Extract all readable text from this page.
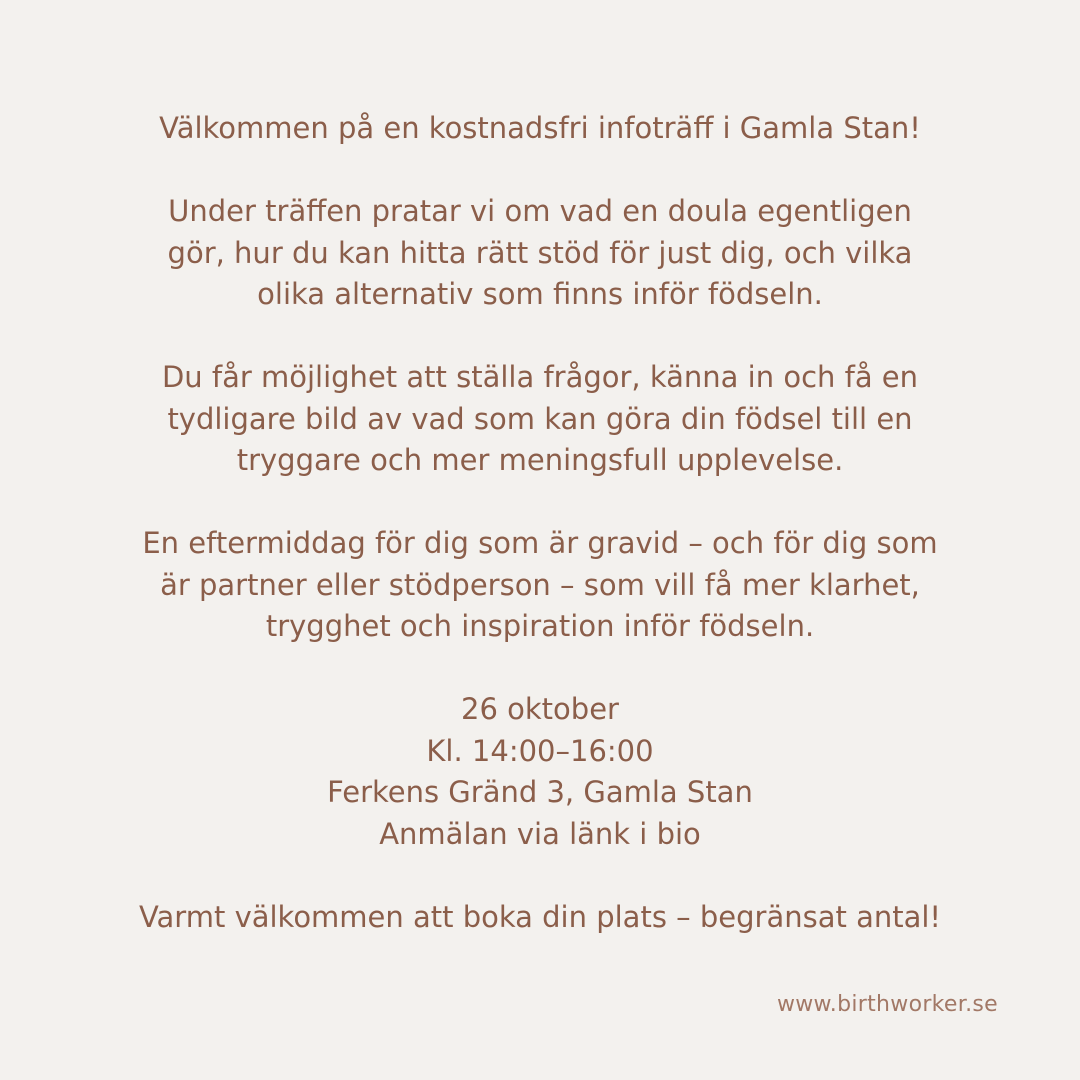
Välkommen på en kostnadsfri infoträff i Gamla Stan!

Under träffen pratar vi om vad en doula egentligen

gör, hur du kan hitta rätt stöd för just dig, och vilka

olika alternativ som finns inför födseln.

Du får möjlighet att ställa frågor, känna in och få en

tydligare bild av vad som kan göra din födsel till en

tryggare och mer meningsfull upplevelse.

En eftermiddag för dig som är gravid – och för dig som

är partner eller stödperson – som vill få mer klarhet,

trygghet och inspiration inför födseln.

26 oktober

Kl. 14:00–16:00

Ferkens Gränd 3, Gamla Stan

Anmälan via länk i bio

Varmt välkommen att boka din plats – begränsat antal!

www.birthworker.se
